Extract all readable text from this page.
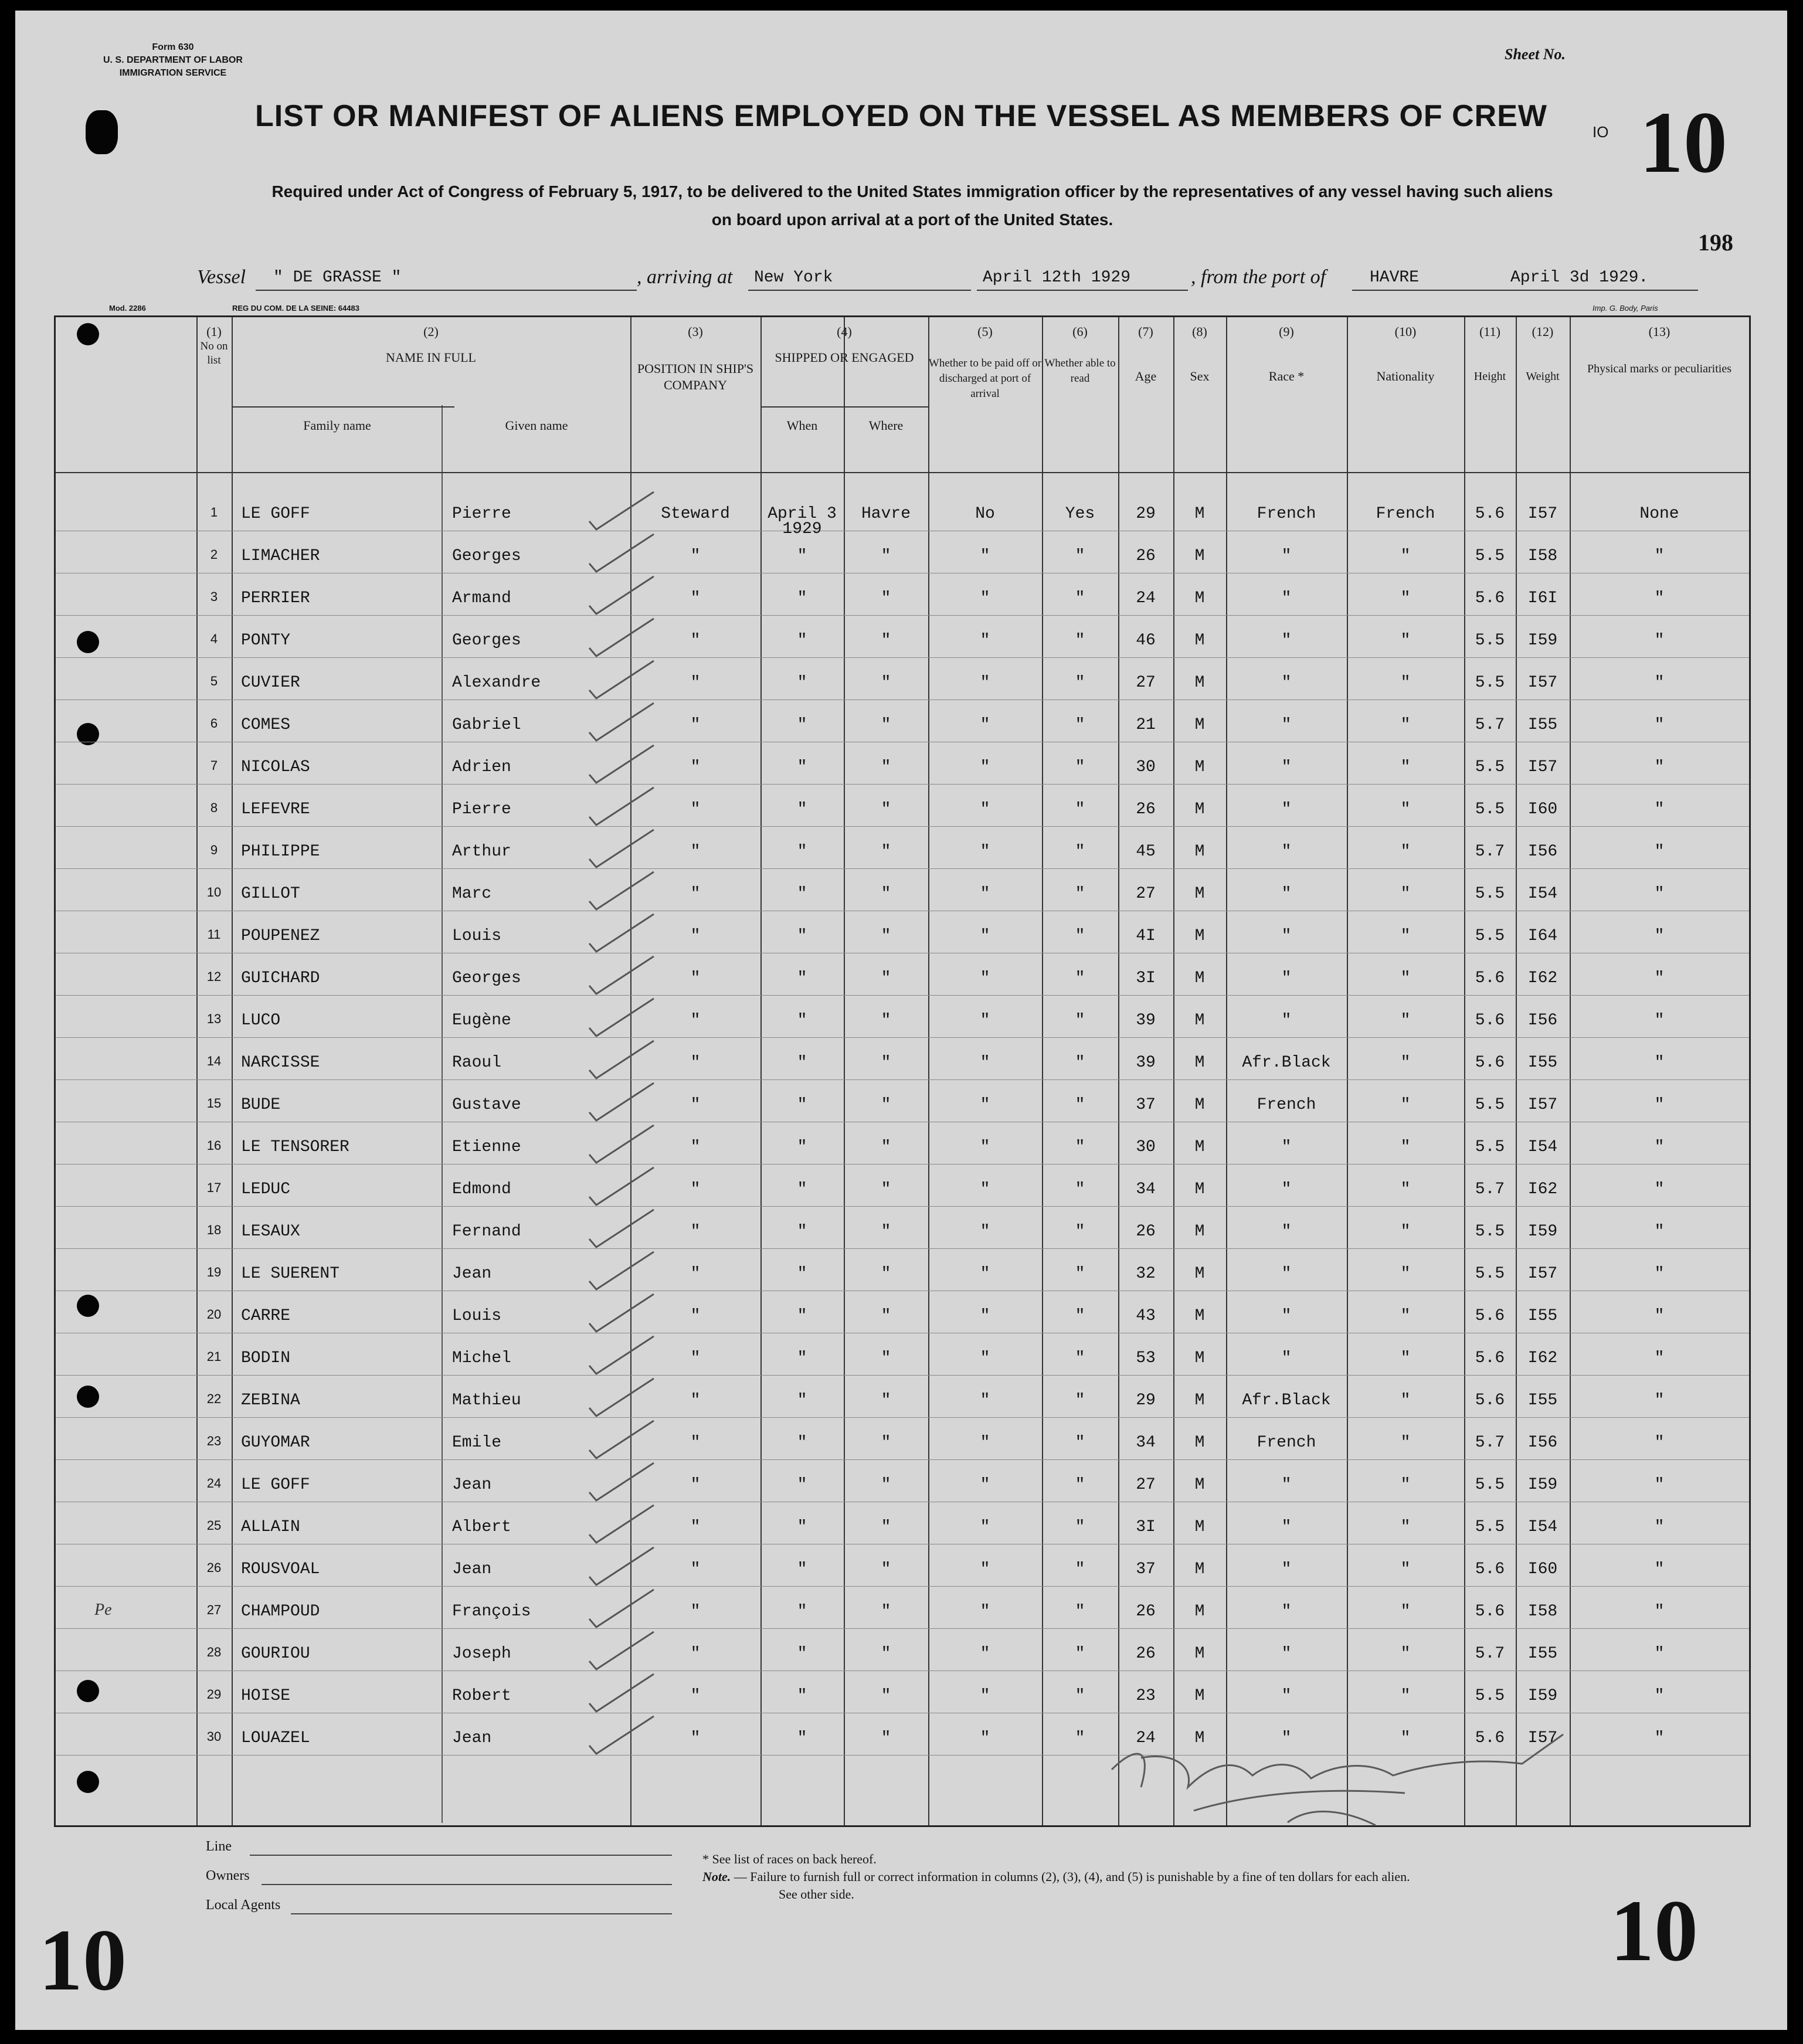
Form 630
U. S. DEPARTMENT OF LABOR
IMMIGRATION SERVICE
Sheet No.
LIST OR MANIFEST OF ALIENS EMPLOYED ON THE VESSEL AS MEMBERS OF CREW	IO 10
Required under Act of Congress of February 5, 1917, to be delivered to the United States immigration officer by the representatives of any vessel having such aliens
on board upon arrival at a port of the United States.
198
Vessel " DE GRASSE "	, arriving at New York	April 12th 1929	, from the port of	HAVRE	April 3d 1929.
Mod. 2286	REG DU COM. DE LA SEINE: 64483	Imp. G. Body, Paris
(1)
No on list
(2)
NAME IN FULL
Family name	Given name
(3)
POSITION IN SHIP'S COMPANY
(4)
SHIPPED OR ENGAGED
When	Where
(5)
Whether to be paid off or discharged at port of arrival
(6)
Whether able to read
(7)
Age
(8)
Sex
(9)
Race *
(10)
Nationality
(11)
Height
(12)
Weight
(13)
Physical marks or peculiarities
1	LE GOFF	Pierre	Steward	April 3	Havre	No	Yes	29	M	French	French	5.6	I57	None
1929
2	LIMACHER	Georges	"	"	"	"	"	26	M	"	"	5.5	I58	"
3	PERRIER	Armand	"	"	"	"	"	24	M	"	"	5.6	I6I	"
4	PONTY	Georges	"	"	"	"	"	46	M	"	"	5.5	I59	"
5	CUVIER	Alexandre	"	"	"	"	"	27	M	"	"	5.5	I57	"
6	COMES	Gabriel	"	"	"	"	"	21	M	"	"	5.7	I55	"
7	NICOLAS	Adrien	"	"	"	"	"	30	M	"	"	5.5	I57	"
8	LEFEVRE	Pierre	"	"	"	"	"	26	M	"	"	5.5	I60	"
9	PHILIPPE	Arthur	"	"	"	"	"	45	M	"	"	5.7	I56	"
10	GILLOT	Marc	"	"	"	"	"	27	M	"	"	5.5	I54	"
11	POUPENEZ	Louis	"	"	"	"	"	4I	M	"	"	5.5	I64	"
12	GUICHARD	Georges	"	"	"	"	"	3I	M	"	"	5.6	I62	"
13	LUCO	Eugène	"	"	"	"	"	39	M	"	"	5.6	I56	"
14	NARCISSE	Raoul	"	"	"	"	"	39	M	Afr.Black	"	5.6	I55	"
15	BUDE	Gustave	"	"	"	"	"	37	M	French	"	5.5	I57	"
16	LE TENSORER	Etienne	"	"	"	"	"	30	M	"	"	5.5	I54	"
17	LEDUC	Edmond	"	"	"	"	"	34	M	"	"	5.7	I62	"
18	LESAUX	Fernand	"	"	"	"	"	26	M	"	"	5.5	I59	"
19	LE SUERENT	Jean	"	"	"	"	"	32	M	"	"	5.5	I57	"
20	CARRE	Louis	"	"	"	"	"	43	M	"	"	5.6	I55	"
21	BODIN	Michel	"	"	"	"	"	53	M	"	"	5.6	I62	"
22	ZEBINA	Mathieu	"	"	"	"	"	29	M	Afr.Black	"	5.6	I55	"
23	GUYOMAR	Emile	"	"	"	"	"	34	M	French	"	5.7	I56	"
24	LE GOFF	Jean	"	"	"	"	"	27	M	"	"	5.5	I59	"
25	ALLAIN	Albert	"	"	"	"	"	3I	M	"	"	5.5	I54	"
26	ROUSVOAL	Jean	"	"	"	"	"	37	M	"	"	5.6	I60	"
27	CHAMPOUD	François	"	"	"	"	"	26	M	"	"	5.6	I58	"
28	GOURIOU	Joseph	"	"	"	"	"	26	M	"	"	5.7	I55	"
29	HOISE	Robert	"	"	"	"	"	23	M	"	"	5.5	I59	"
30	LOUAZEL	Jean	"	"	"	"	"	24	M	"	"	5.6	I57	"
Pe
Line
Owners
Local Agents
* See list of races on back hereof.
Note. — Failure to furnish full or correct information in columns (2), (3), (4), and (5) is punishable by a fine of ten dollars for each alien.
See other side.
10	10
